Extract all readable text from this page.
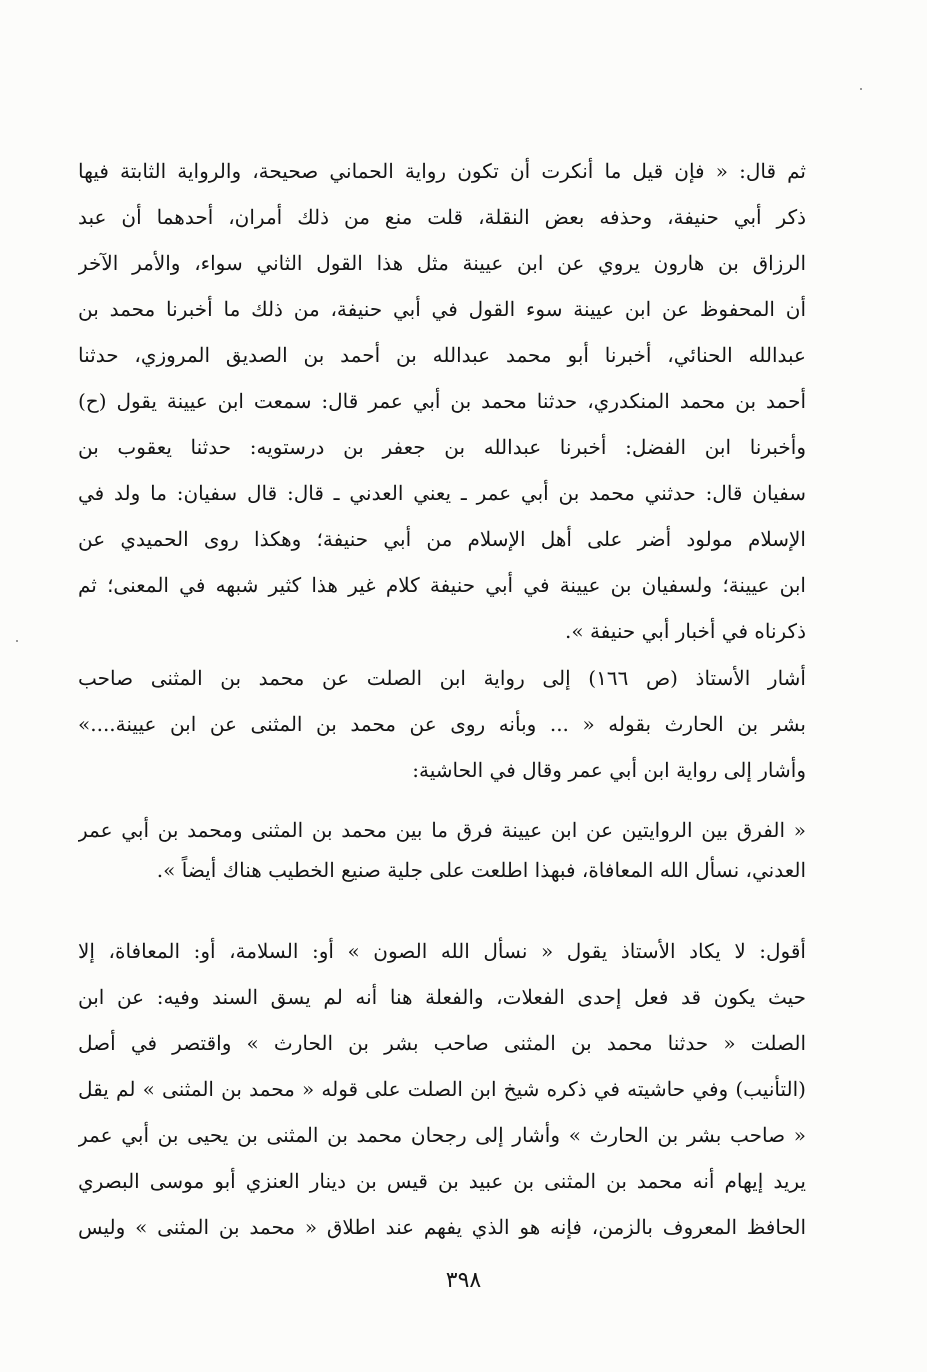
ثم قال: « فإن قيل ما أنكرت أن تكون رواية الحماني صحيحة، والرواية الثابتة فيها
ذكر أبي حنيفة، وحذفه بعض النقلة، قلت منع من ذلك أمران، أحدهما أن عبد
الرزاق بن هارون يروي عن ابن عيينة مثل هذا القول الثاني سواء، والأمر الآخر
أن المحفوظ عن ابن عيينة سوء القول في أبي حنيفة، من ذلك ما أخبرنا محمد بن
عبدالله الحنائي، أخبرنا أبو محمد عبدالله بن أحمد بن الصديق المروزي، حدثنا
أحمد بن محمد المنكدري، حدثنا محمد بن أبي عمر قال: سمعت ابن عيينة يقول (ح)
وأخبرنا ابن الفضل: أخبرنا عبدالله بن جعفر بن درستويه: حدثنا يعقوب بن
سفيان قال: حدثني محمد بن أبي عمر ـ يعني العدني ـ قال: قال سفيان: ما ولد في
الإسلام مولود أضر على أهل الإسلام من أبي حنيفة؛ وهكذا روى الحميدي عن
ابن عيينة؛ ولسفيان بن عيينة في أبي حنيفة كلام غير هذا كثير شبهه في المعنى؛ ثم
ذكرناه في أخبار أبي حنيفة ».
أشار الأستاذ (ص ١٦٦) إلى رواية ابن الصلت عن محمد بن المثنى صاحب
بشر بن الحارث بقوله « ... وبأنه روى عن محمد بن المثنى عن ابن عيينة....»
وأشار إلى رواية ابن أبي عمر وقال في الحاشية:
« الفرق بين الروايتين عن ابن عيينة فرق ما بين محمد بن المثنى ومحمد بن أبي عمر
العدني، نسأل الله المعافاة، فبهذا اطلعت على جلية صنيع الخطيب هناك أيضاً ».
أقول: لا يكاد الأستاذ يقول « نسأل الله الصون » أو: السلامة، أو: المعافاة، إلا
حيث يكون قد فعل إحدى الفعلات، والفعلة هنا أنه لم يسق السند وفيه: عن ابن
الصلت « حدثنا محمد بن المثنى صاحب بشر بن الحارث » واقتصر في أصل
(التأنيب) وفي حاشيته في ذكره شيخ ابن الصلت على قوله « محمد بن المثنى » لم يقل
« صاحب بشر بن الحارث » وأشار إلى رجحان محمد بن المثنى بن يحيى بن أبي عمر
يريد إيهام أنه محمد بن المثنى بن عبيد بن قيس بن دينار العنزي أبو موسى البصري
الحافظ المعروف بالزمن، فإنه هو الذي يفهم عند اطلاق « محمد بن المثنى » وليس
٣٩٨
